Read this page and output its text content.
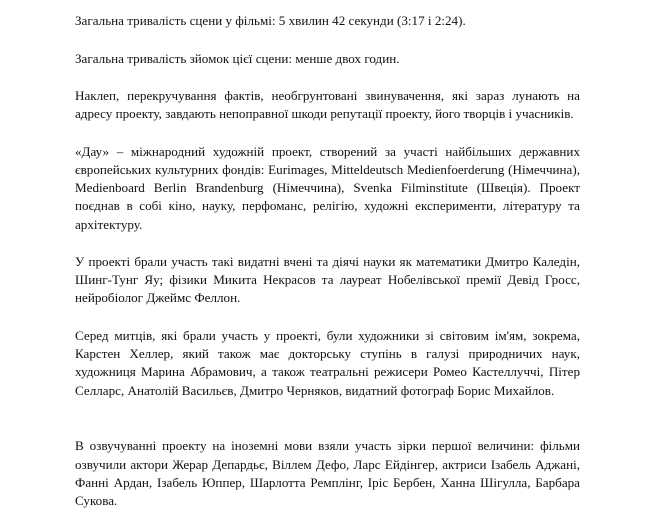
Загальна тривалість сцени у фільмі: 5 хвилин 42 секунди (3:17 і 2:24).

Загальна тривалість зйомок цієї сцени: менше двох годин.

Наклеп, перекручування фактів, необгрунтовані звинувачення, які зараз лунають на адресу проекту, завдають непоправної шкоди репутації проекту, його творців і учасників.

«Дау» – міжнародний художній проект, створений за участі найбільших державних європейських культурних фондів: Eurimages, Mitteldeutsch Medienfoerderung (Німеччина), Medienboard Berlin Brandenburg (Німеччина), Svenka Filminstitute (Швеція). Проект поєднав в собі кіно, науку, перфоманс, релігію, художні експерименти, літературу та архітектуру.

У проекті брали участь такі видатні вчені та діячі науки як математики Дмитро Каледін, Шинг-Тунг Яу; фізики Микита Некрасов та лауреат Нобелівської премії Девід Гросс, нейробіолог Джеймс Феллон.

Серед митців, які брали участь у проекті, були художники зі світовим ім'ям, зокрема, Карстен Хеллер, який також має докторську ступінь в галузі природничих наук, художниця Марина Абрамович, а також театральні режисери Ромео Кастеллуччі, Пітер Селларс, Анатолій Васильєв, Дмитро Черняков, видатний фотограф Борис Михайлов.

В озвучуванні проекту на іноземні мови взяли участь зірки першої величини: фільми озвучили актори Жерар Депардьє, Віллем Дефо, Ларс Ейдінгер, актриси Ізабель Аджані, Фанні Ардан, Ізабель Юппер, Шарлотта Ремплінг, Іріс Бербен, Ханна Шігулла, Барбара Сукова.
